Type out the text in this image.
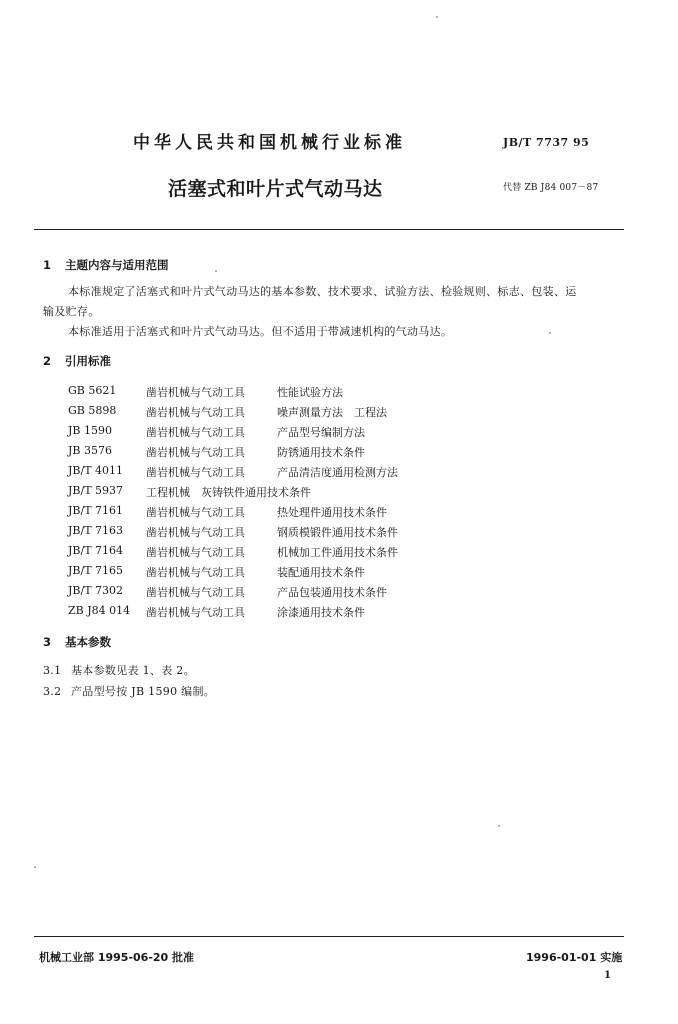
中华人民共和国机械行业标准	JB/T 7737 95
活塞式和叶片式气动马达	代替 ZB J84 007－87
1 主题内容与适用范围
本标准规定了活塞式和叶片式气动马达的基本参数、技术要求、试验方法、检验规则、标志、包装、运
输及贮存。
本标准适用于活塞式和叶片式气动马达。但不适用于带减速机构的气动马达。
2 引用标准
GB 5621	凿岩机械与气动工具	性能试验方法
GB 5898	凿岩机械与气动工具	噪声测量方法　工程法
JB 1590	凿岩机械与气动工具	产品型号编制方法
JB 3576	凿岩机械与气动工具	防锈通用技术条件
JB/T 4011	凿岩机械与气动工具	产品清洁度通用检测方法
JB/T 5937	工程机械　灰铸铁件通用技术条件
JB/T 7161	凿岩机械与气动工具	热处理件通用技术条件
JB/T 7163	凿岩机械与气动工具	钢质模锻件通用技术条件
JB/T 7164	凿岩机械与气动工具	机械加工件通用技术条件
JB/T 7165	凿岩机械与气动工具	装配通用技术条件
JB/T 7302	凿岩机械与气动工具	产品包装通用技术条件
ZB J84 014	凿岩机械与气动工具	涂漆通用技术条件
3 基本参数
3.1 基本参数见表 1、表 2。
3.2 产品型号按 JB 1590 编制。
机械工业部 1995-06-20 批准	1996-01-01 实施
1
